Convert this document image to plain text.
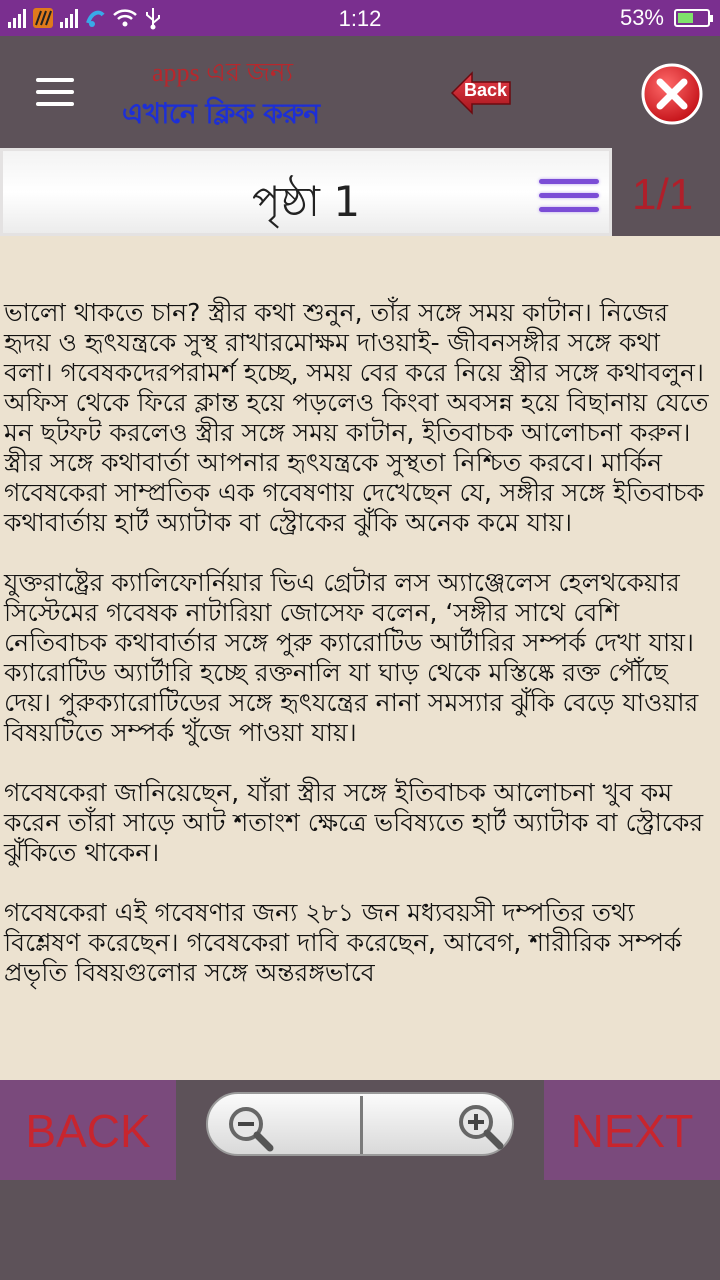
1:12	53%
apps এর জন্য
এখানে ক্লিক করুন
Back
পৃষ্ঠা 1	1/1

ভালো থাকতে চান? স্ত্রীর কথা শুনুন, তাঁর সঙ্গে সময় কাটান। নিজের হৃদয় ও হৃৎযন্ত্রকে সুস্থ রাখারমোক্ষম দাওয়াই- জীবনসঙ্গীর সঙ্গে কথা বলা। গবেষকদেরপরামর্শ হচ্ছে, সময় বের করে নিয়ে স্ত্রীর সঙ্গে কথাবলুন। অফিস থেকে ফিরে ক্লান্ত হয়ে পড়লেও কিংবা অবসন্ন হয়ে বিছানায় যেতে মন ছটফট করলেও স্ত্রীর সঙ্গে সময় কাটান, ইতিবাচক আলোচনা করুন। স্ত্রীর সঙ্গে কথাবার্তা আপনার হৃৎযন্ত্রকে সুস্থতা নিশ্চিত করবে। মার্কিন গবেষকেরা সাম্প্রতিক এক গবেষণায় দেখেছেন যে, সঙ্গীর সঙ্গে ইতিবাচক কথাবার্তায় হার্ট অ্যাটাক বা স্ট্রোকের ঝুঁকি অনেক কমে যায়।

যুক্তরাষ্ট্রের ক্যালিফোর্নিয়ার ভিএ গ্রেটার লস অ্যাঞ্জেলেস হেলথকেয়ার সিস্টেমের গবেষক নাটারিয়া জোসেফ বলেন, ‘সঙ্গীর সাথে বেশি নেতিবাচক কথাবার্তার সঙ্গে পুরু ক্যারোটিড আর্টারির সম্পর্ক দেখা যায়। ক্যারোটিড অ্যার্টারি হচ্ছে রক্তনালি যা ঘাড় থেকে মস্তিষ্কে রক্ত পৌঁছে দেয়। পুরুক্যারোটিডের সঙ্গে হৃৎযন্ত্রের নানা সমস্যার ঝুঁকি বেড়ে যাওয়ার বিষয়টিতে সম্পর্ক খুঁজে পাওয়া যায়।

গবেষকেরা জানিয়েছেন, যাঁরা স্ত্রীর সঙ্গে ইতিবাচক আলোচনা খুব কম করেন তাঁরা সাড়ে আট শতাংশ ক্ষেত্রে ভবিষ্যতে হার্ট অ্যাটাক বা স্ট্রোকের ঝুঁকিতে থাকেন।

গবেষকেরা এই গবেষণার জন্য ২৮১ জন মধ্যবয়সী দম্পতির তথ্য বিশ্লেষণ করেছেন। গবেষকেরা দাবি করেছেন, আবেগ, শারীরিক সম্পর্ক প্রভৃতি বিষয়গুলোর সঙ্গে অন্তরঙ্গভাবে

BACK	NEXT
